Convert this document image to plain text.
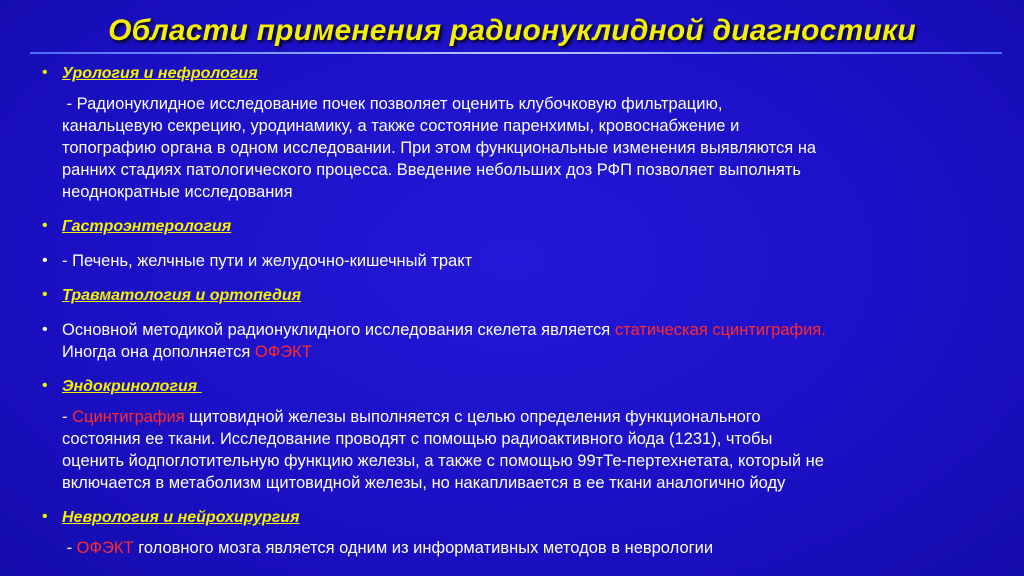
Области применения радионуклидной диагностики
• Урология и нефрология
- Радионуклидное исследование почек позволяет оценить клубочковую фильтрацию,
канальцевую секрецию, уродинамику, а также состояние паренхимы, кровоснабжение и
топографию органа в одном исследовании. При этом функциональные изменения выявляются на
ранних стадиях патологического процесса. Введение небольших доз РФП позволяет выполнять
неоднократные исследования
• Гастроэнтерология
• - Печень, желчные пути и желудочно-кишечный тракт
• Травматология и ортопедия
• Основной методикой радионуклидного исследования скелета является статическая сцинтиграфия.
Иногда она дополняется ОФЭКТ
• Эндокринология
- Сцинтиграфия щитовидной железы выполняется с целью определения функционального
состояния ее ткани. Исследование проводят с помощью радиоактивного йода (1231), чтобы
оценить йодпоглотительную функцию железы, а также с помощью 99тТе-пертехнетата, который не
включается в метаболизм щитовидной железы, но накапливается в ее ткани аналогично йоду
• Неврология и нейрохирургия
- ОФЭКТ головного мозга является одним из информативных методов в неврологии
